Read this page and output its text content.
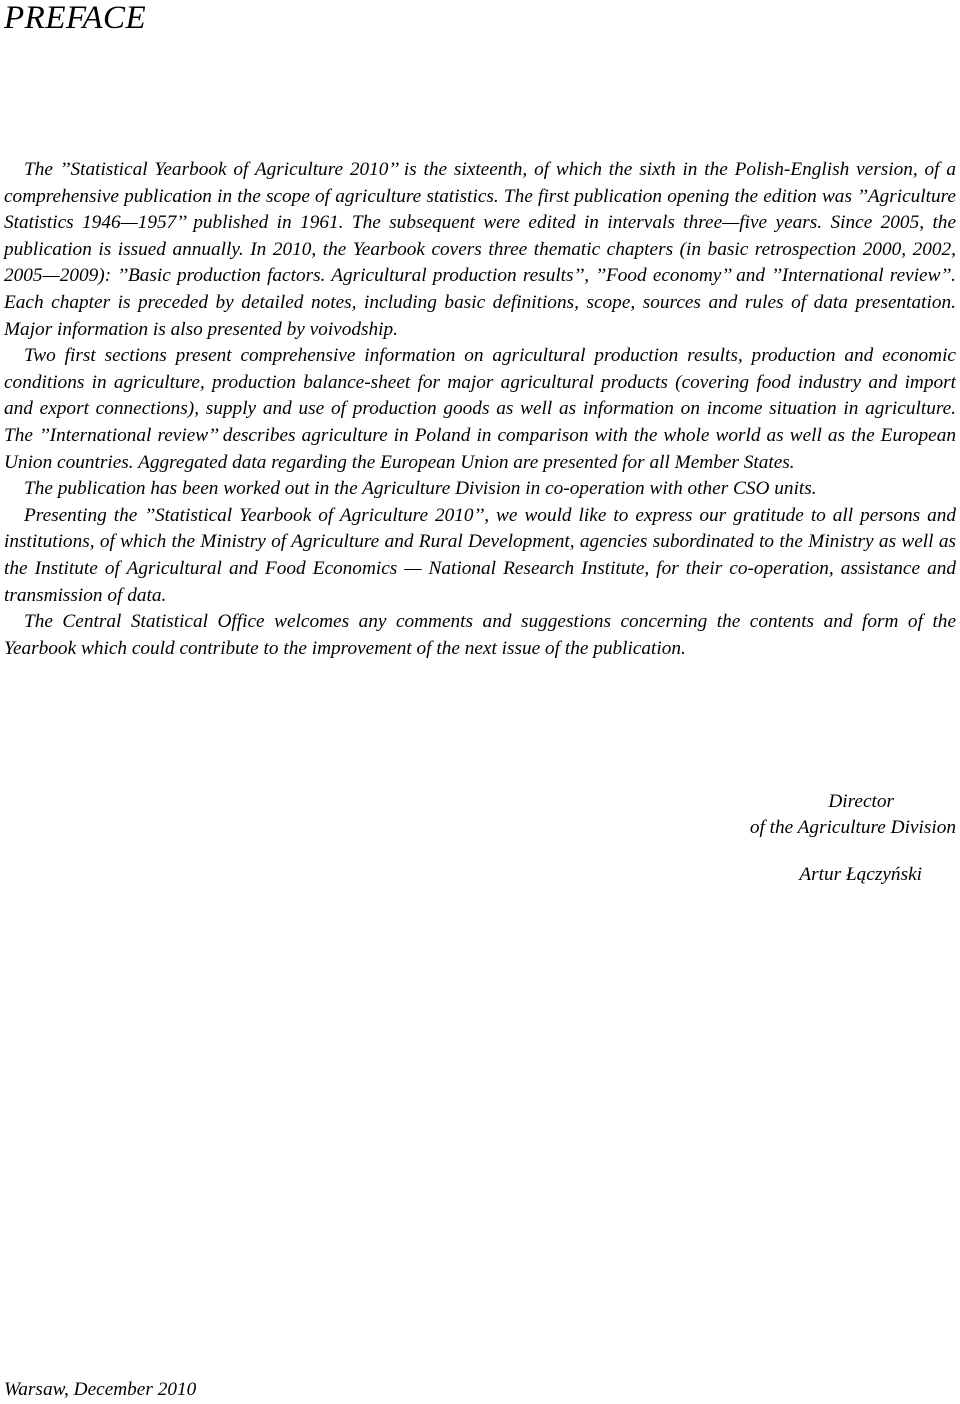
PREFACE

The ’’Statistical Yearbook of Agriculture 2010’’ is the sixteenth, of which the sixth in the Polish-English version, of a comprehensive publication in the scope of agriculture statistics. The first publication opening the edition was ’’Agriculture Statistics 1946—1957’’ published in 1961. The subsequent were edited in intervals three—five years. Since 2005, the publication is issued annually. In 2010, the Yearbook covers three thematic chapters (in basic retrospection 2000, 2002, 2005—2009): ’’Basic production factors. Agricultural production results’’, ’’Food economy’’ and ’’International review’’. Each chapter is preceded by detailed notes, including basic definitions, scope, sources and rules of data presentation. Major information is also presented by voivodship.

Two first sections present comprehensive information on agricultural production results, production and economic conditions in agriculture, production balance-sheet for major agricultural products (covering food industry and import and export connections), supply and use of production goods as well as information on income situation in agriculture. The ’’International review’’ describes agriculture in Poland in comparison with the whole world as well as the European Union countries. Aggregated data regarding the European Union are presented for all Member States.

The publication has been worked out in the Agriculture Division in co-operation with other CSO units.

Presenting the ’’Statistical Yearbook of Agriculture 2010’’, we would like to express our gratitude to all persons and institutions, of which the Ministry of Agriculture and Rural Development, agencies subordinated to the Ministry as well as the Institute of Agricultural and Food Economics — National Research Institute, for their co-operation, assistance and transmission of data.

The Central Statistical Office welcomes any comments and suggestions concerning the contents and form of the Yearbook which could contribute to the improvement of the next issue of the publication.

Director
of the Agriculture Division
Artur Łączyński

Warsaw, December 2010
